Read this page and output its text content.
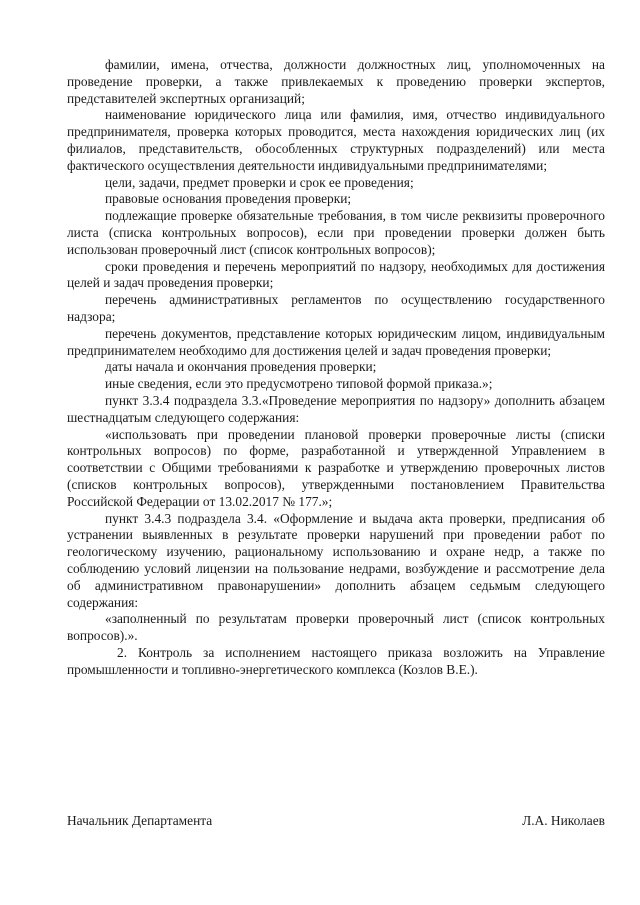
фамилии, имена, отчества, должности должностных лиц, уполномоченных на проведение проверки, а также привлекаемых к проведению проверки экспертов, представителей экспертных организаций;

наименование юридического лица или фамилия, имя, отчество индивидуального предпринимателя, проверка которых проводится, места нахождения юридических лиц (их филиалов, представительств, обособленных структурных подразделений) или места фактического осуществления деятельности индивидуальными предпринимателями;

цели, задачи, предмет проверки и срок ее проведения;

правовые основания проведения проверки;

подлежащие проверке обязательные требования, в том числе реквизиты проверочного листа (списка контрольных вопросов), если при проведении проверки должен быть использован проверочный лист (список контрольных вопросов);

сроки проведения и перечень мероприятий по надзору, необходимых для достижения целей и задач проведения проверки;

перечень административных регламентов по осуществлению государственного надзора;

перечень документов, представление которых юридическим лицом, индивидуальным предпринимателем необходимо для достижения целей и задач проведения проверки;

даты начала и окончания проведения проверки;

иные сведения, если это предусмотрено типовой формой приказа.»;

пункт 3.3.4 подраздела 3.3.«Проведение мероприятия по надзору» дополнить абзацем шестнадцатым следующего содержания:

«использовать при проведении плановой проверки проверочные листы (списки контрольных вопросов) по форме, разработанной и утвержденной Управлением в соответствии с Общими требованиями к разработке и утверждению проверочных листов (списков контрольных вопросов), утвержденными постановлением Правительства Российской Федерации от 13.02.2017 № 177.»;

пункт 3.4.3 подраздела 3.4. «Оформление и выдача акта проверки, предписания об устранении выявленных в результате проверки нарушений при проведении работ по геологическому изучению, рациональному использованию и охране недр, а также по соблюдению условий лицензии на пользование недрами, возбуждение и рассмотрение дела об административном правонарушении» дополнить абзацем седьмым следующего содержания:

«заполненный по результатам проверки проверочный лист (список контрольных вопросов).».

2. Контроль за исполнением настоящего приказа возложить на Управление промышленности и топливно-энергетического комплекса (Козлов В.Е.).

Начальник Департамента	Л.А. Николаев
